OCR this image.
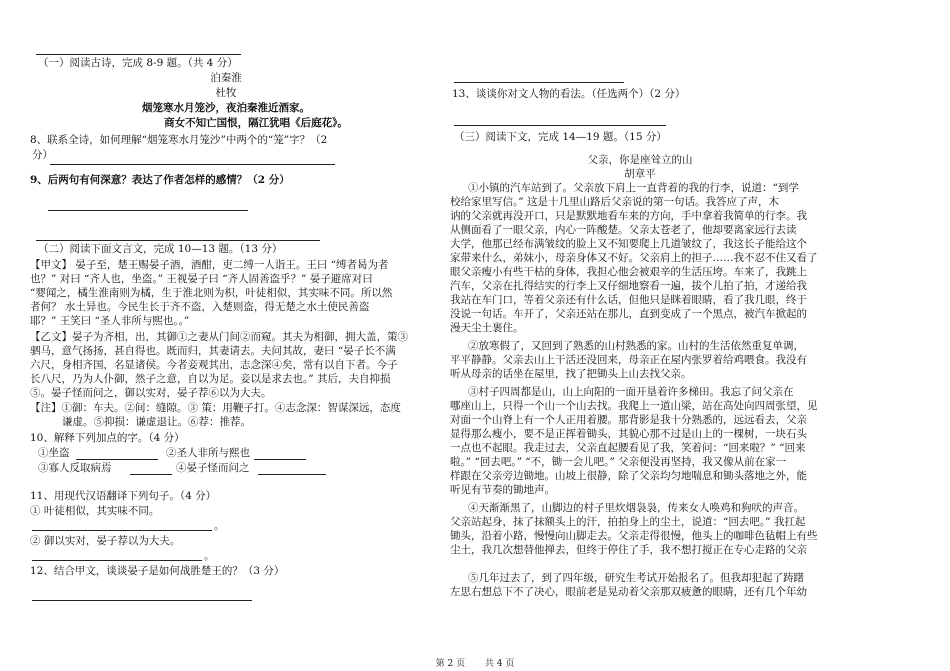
（一）阅读古诗，完成 8-9 题。（共 4 分）
泊秦淮
杜牧
烟笼寒水月笼沙，夜泊秦淮近酒家。
商女不知亡国恨，隔江犹唱《后庭花》。
8、联系全诗，如何理解“烟笼寒水月笼沙”中两个的“笼”字？（2
分）
9、后两句有何深意？表达了作者怎样的感情？（2 分）
（二）阅读下面文言文，完成 10—13 题。（13 分）
【甲文】 晏子至，楚王赐晏子酒，酒酣，吏二缚一人诣王。王曰 “缚者曷为者
也？” 对曰 “齐人也，坐盗。” 王视晏子曰 “齐人固善盗乎？” 晏子避席对曰
“婴闻之，橘生淮南则为橘，生于淮北则为枳，叶徒相似，其实味不同。所以然
者何？ 水土异也。今民生长于齐不盗，入楚则盗，得无楚之水土使民善盗
耶？” 王笑曰 “圣人非所与熙也。。”
【乙文】晏子为齐相，出，其御①之妻从门间②而窥。其夫为相御，拥大盖，策③
驷马，意气扬扬，甚自得也。既而归，其妻请去。夫问其故，妻曰 “晏子长不满
六尺，身相齐国，名显诸侯。今者妾观其出，志念深④矣，常有以自下者。今子
长八尺，乃为人仆御，然子之意，自以为足。妾以是求去也。” 其后，夫自抑损
⑤。晏子怪而问之，御以实对，晏子荐⑥以为大夫。
【注】①御：车夫。②间：缝隙。③ 策：用鞭子打。④志念深：智谋深远，态度
谦虚。⑤抑损：谦虚退让。⑥荐：推荐。
10、解释下列加点的字。（4 分）
①坐盗	②圣人非所与熙也
③寡人反取病焉	④晏子怪而问之
11、用现代汉语翻译下列句子。（4 分）
① 叶徒相似，其实味不同。
。
② 御以实对，晏子荐以为大夫。
。
12、结合甲文，谈谈晏子是如何战胜楚王的？（3 分）
13、谈谈你对文人物的看法。（任选两个）（2 分）
（三）阅读下文，完成 14—19 题。（15 分）
父亲，你是座耸立的山
胡章平
①小镇的汽车站到了。父亲放下肩上一直背着的我的行李，说道：“到学
校给家里写信。” 这是十几里山路后父亲说的第一句话。我答应了声，木
讷的父亲就再没开口，只是默默地看车来的方向，手中拿着我简单的行李。我
从侧面看了一眼父亲，内心一阵酸楚。父亲太苍老了，他却要离家远行去读
大学，他那已经布满皱纹的脸上又不知要爬上几道皱纹了，我这长子能给这个
家带来什么，弟妹小，母亲身体又不好。父亲肩上的担子……我不忍不住又看了
眼父亲瘦小有些干枯的身体，我担心他会被艰辛的生活压垮。车来了，我跳上
汽车，父亲在扎得结实的行李上又仔细地察看一遍，拔个儿拍了拍，才递给我
我站在车门口，等着父亲还有什么话，但他只是眯着眼睛，看了我几眼，终于
没说一句话。车开了，父亲还站在那儿，直到变成了一个黑点，被汽车掀起的
漫天尘土裹住。
②放寒假了，又回到了熟悉的山村熟悉的家。山村的生活依然重复单调，
平平静静。父亲去山上干活还没回来，母亲正在屋内张罗着给鸡喂食。我没有
听从母亲的话坐在屋里，找了把锄头上山去找父亲。
③村子四周都是山，山上向阳的一面开垦着许多梯田。我忘了问父亲在
哪座山上，只得一个山一个山去找。我爬上一道山梁，站在高处向四周张望，见
对面一个山脊上有一个人正用着腰。那背影是我十分熟悉的，远远看去，父亲
显得那么瘦小，要不是正挥着锄头，其貌心那不过是山上的一棵树，一块石头
一点也不起眼。我走过去，父亲直起腰看见了我，笑着问：“回来啦？” “回来
啦。” “回去吧。” “不，锄一会儿吧。” 父亲便没再坚持，我又像从前在家一
样跟在父亲旁边锄地。山坡上很静，除了父亲均匀地喘息和锄头落地之外，能
听见有节奏的锄地声。
④天渐渐黑了，山脚边的村子里炊烟袅袅，传来女人唤鸡和狗吠的声音。
父亲站起身，抹了抹额头上的汗，拍拍身上的尘土，说道：“回去吧。” 我扛起
锄头，沿着小路，慢慢向山脚走去。父亲走得很慢，他头上的咖啡色毡帽上有些
尘土，我几次想替他掸去，但终于停住了手，我不想打搅正在专心走路的父亲
⑤几年过去了，到了四年级，研究生考试开始报名了。但我却犯起了踌躇
左思右想总下不了决心，眼前老是晃动着父亲那双疲惫的眼睛，还有几个年幼
第 2 页 共 4 页
